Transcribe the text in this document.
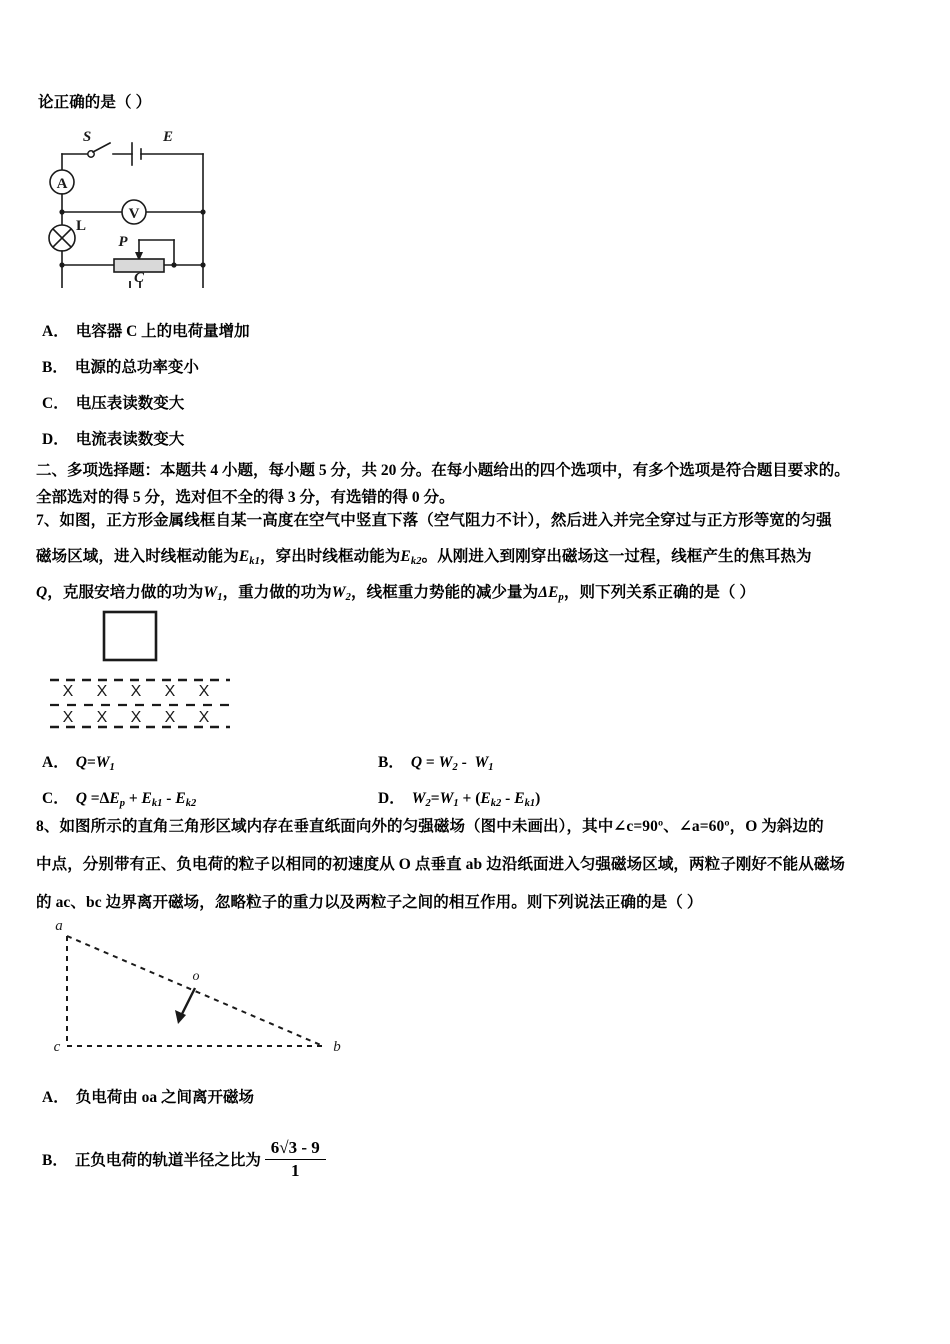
论正确的是（ ）
A
V
S	E
L
P
C
A． 电容器 C 上的电荷量增加
B． 电源的总功率变小
C． 电压表读数变大
D． 电流表读数变大
二、多项选择题：本题共 4 小题，每小题 5 分，共 20 分。在每小题给出的四个选项中，有多个选项是符合题目要求的。
全部选对的得 5 分，选对但不全的得 3 分，有选错的得 0 分。
7、如图，正方形金属线框自某一高度在空气中竖直下落（空气阻力不计），然后进入并完全穿过与正方形等宽的匀强
磁场区域，进入时线框动能为$E_{k1}$，穿出时线框动能为$E_{k2}$。从刚进入到刚穿出磁场这一过程，线框产生的焦耳热为
Q，克服安培力做的功为$W_1$，重力做的功为$W_2$，线框重力势能的减少量为$\Delta E_p$，则下列关系正确的是（ ）
X X X X X
X X X X X
A． $Q=W_1$	B． $Q = W_2 - W_1$
C． $Q =\Delta E_p + E_{k1} - E_{k2}$	D． $W_2=W_1 + (E_{k2} - E_{k1})$
8、如图所示的直角三角形区域内存在垂直纸面向外的匀强磁场（图中未画出），其中∠c=90º、∠a=60º，O 为斜边的
中点，分别带有正、负电荷的粒子以相同的初速度从 O 点垂直 ab 边沿纸面进入匀强磁场区域，两粒子刚好不能从磁场
的 ac、bc 边界离开磁场，忽略粒子的重力以及两粒子之间的相互作用。则下列说法正确的是（ ）
a
c	b
o
A． 负电荷由 oa 之间离开磁场
B． 正负电荷的轨道半径之比为 $\frac{6√3 - 9}{1}$
